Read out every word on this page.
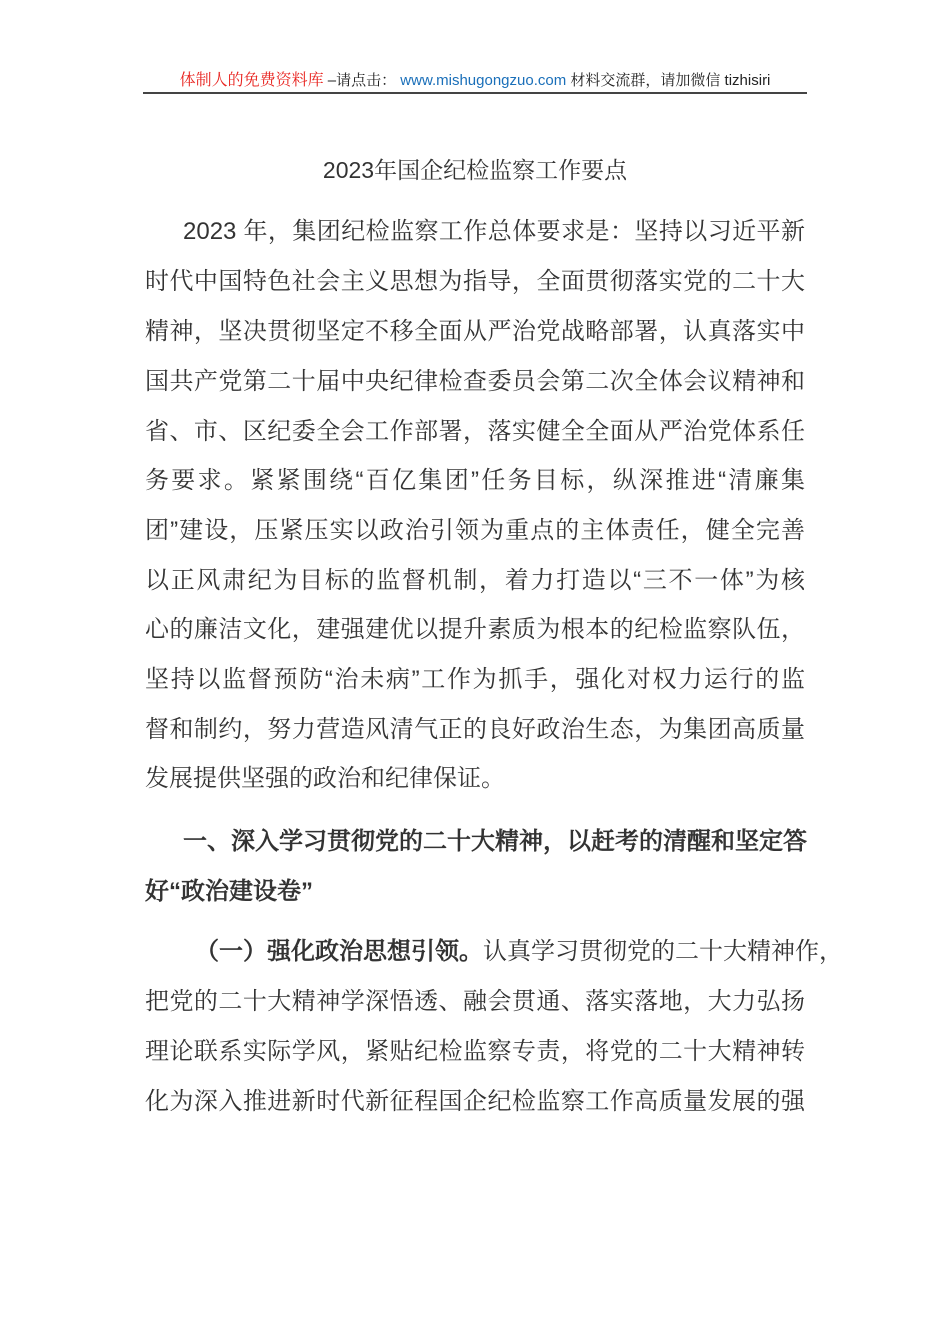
体制人的免费资料库 –请点击： www.mishugongzuo.com 材料交流群，请加微信 tizhisiri
2023年国企纪检监察工作要点
2023 年，集团纪检监察工作总体要求是：坚持以习近平新
时代中国特色社会主义思想为指导，全面贯彻落实党的二十大
精神，坚决贯彻坚定不移全面从严治党战略部署，认真落实中
国共产党第二十届中央纪律检查委员会第二次全体会议精神和
省、市、区纪委全会工作部署，落实健全全面从严治党体系任
务要求。紧紧围绕“百亿集团”任务目标，纵深推进“清廉集
团”建设，压紧压实以政治引领为重点的主体责任，健全完善
以正风肃纪为目标的监督机制，着力打造以“三不一体”为核
心的廉洁文化，建强建优以提升素质为根本的纪检监察队伍，
坚持以监督预防“治未病”工作为抓手，强化对权力运行的监
督和制约，努力营造风清气正的良好政治生态，为集团高质量
发展提供坚强的政治和纪律保证。
一、深入学习贯彻党的二十大精神，以赶考的清醒和坚定答
好“政治建设卷”
（一）强化政治思想引领。认真学习贯彻党的二十大精神作，
把党的二十大精神学深悟透、融会贯通、落实落地，大力弘扬
理论联系实际学风，紧贴纪检监察专责，将党的二十大精神转
化为深入推进新时代新征程国企纪检监察工作高质量发展的强
